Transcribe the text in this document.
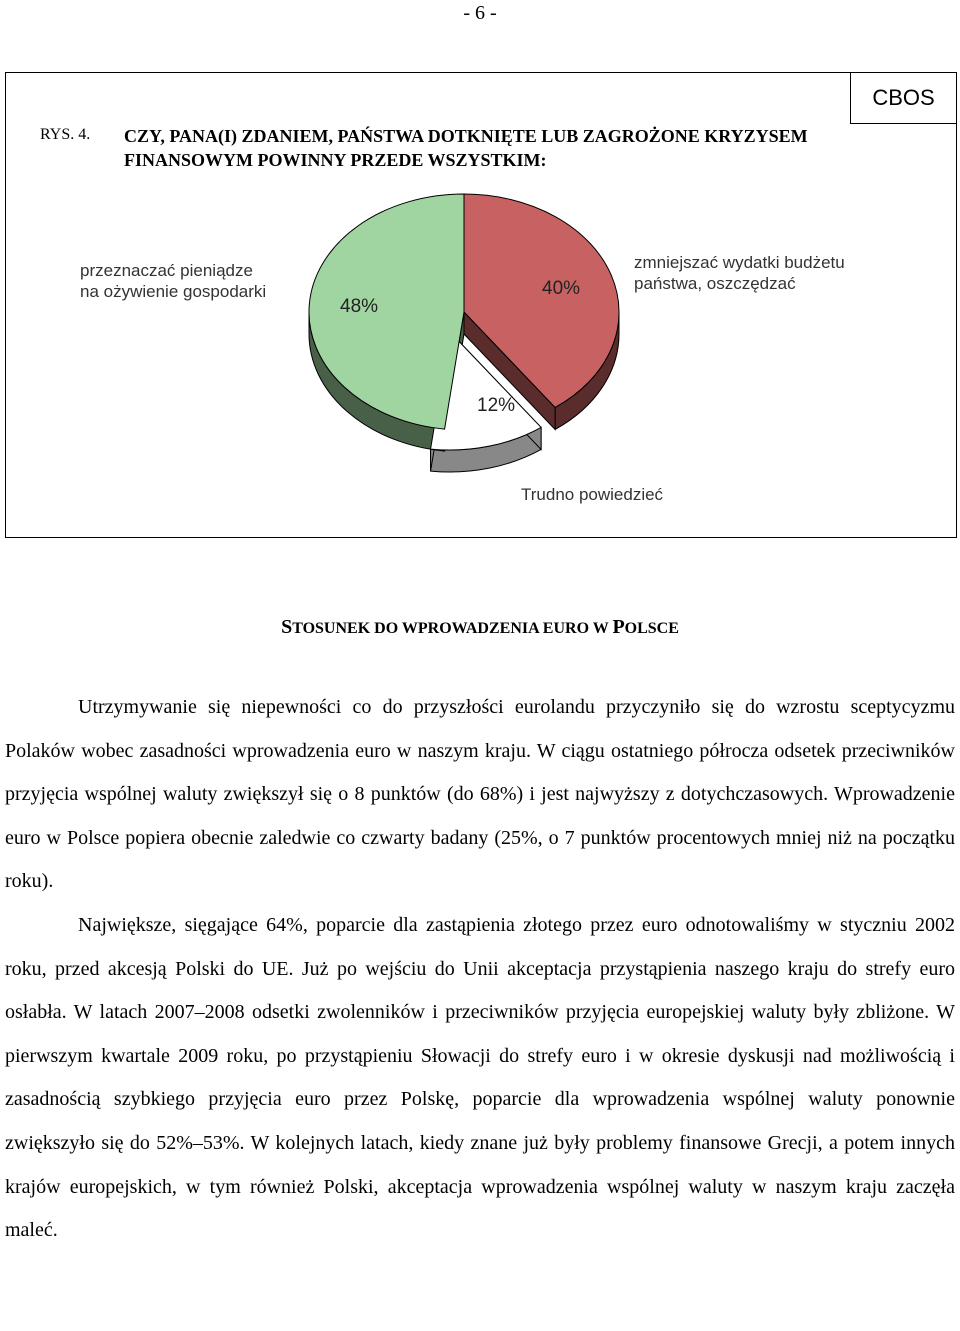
- 6 -
CBOS
RYS. 4. CZY, PANA(I) ZDANIEM, PAŃSTWA DOTKNIĘTE LUB ZAGROŻONE KRYZYSEM FINANSOWYM POWINNY PRZEDE WSZYSTKIM:
przeznaczać pieniądze
na ożywienie gospodarki
zmniejszać wydatki budżetu
państwa, oszczędzać
Trudno powiedzieć
48%
40%
12%
STOSUNEK DO WPROWADZENIA EURO W POLSCE

Utrzymywanie się niepewności co do przyszłości eurolandu przyczyniło się do wzrostu sceptycyzmu Polaków wobec zasadności wprowadzenia euro w naszym kraju. W ciągu ostatniego półrocza odsetek przeciwników przyjęcia wspólnej waluty zwiększył się o 8 punktów (do 68%) i jest najwyższy z dotychczasowych. Wprowadzenie euro w Polsce popiera obecnie zaledwie co czwarty badany (25%, o 7 punktów procentowych mniej niż na początku roku).

Największe, sięgające 64%, poparcie dla zastąpienia złotego przez euro odnotowaliśmy w styczniu 2002 roku, przed akcesją Polski do UE. Już po wejściu do Unii akceptacja przystąpienia naszego kraju do strefy euro osłabła. W latach 2007–2008 odsetki zwolenników i przeciwników przyjęcia europejskiej waluty były zbliżone. W pierwszym kwartale 2009 roku, po przystąpieniu Słowacji do strefy euro i w okresie dyskusji nad możliwością i zasadnością szybkiego przyjęcia euro przez Polskę, poparcie dla wprowadzenia wspólnej waluty ponownie zwiększyło się do 52%–53%. W kolejnych latach, kiedy znane już były problemy finansowe Grecji, a potem innych krajów europejskich, w tym również Polski, akceptacja wprowadzenia wspólnej waluty w naszym kraju zaczęła maleć.
